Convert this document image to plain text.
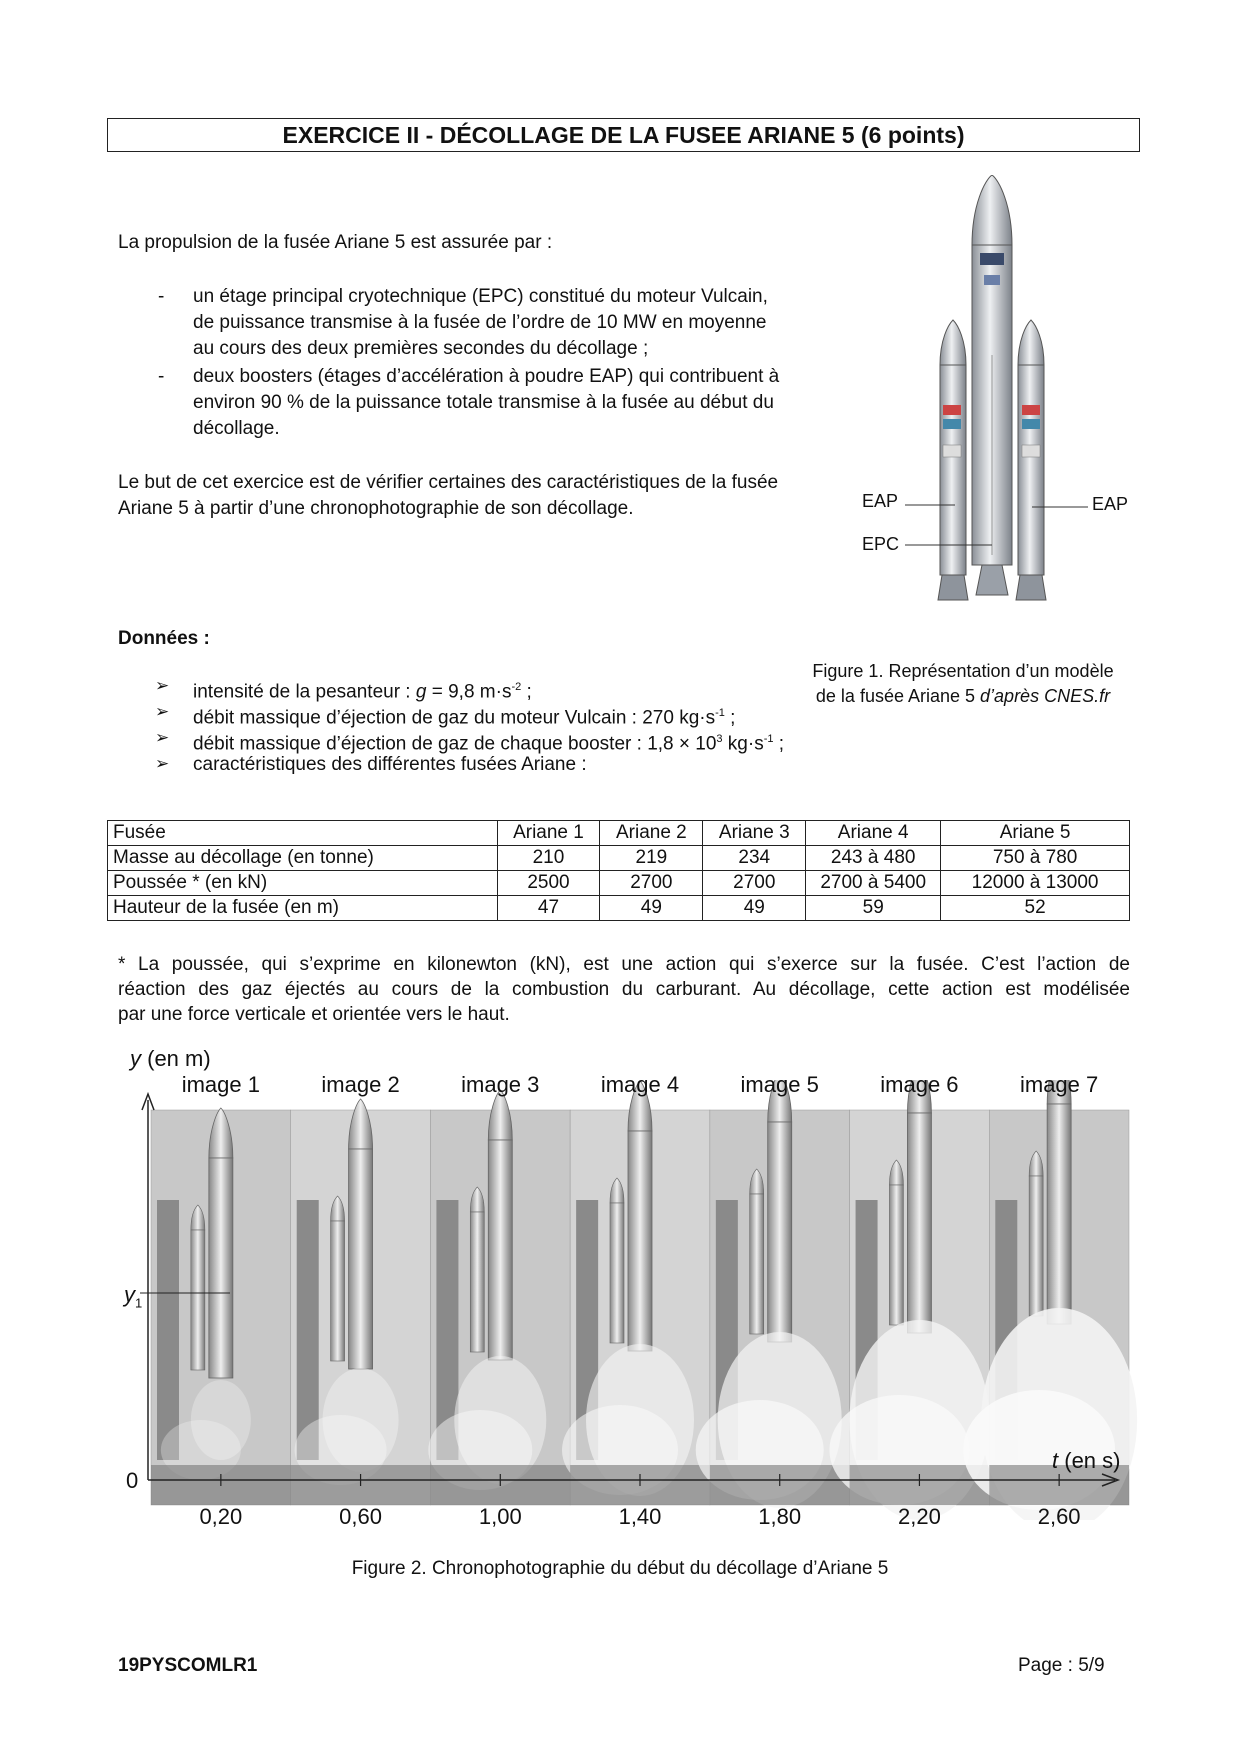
EXERCICE II - DÉCOLLAGE DE LA FUSEE ARIANE 5 (6 points)
La propulsion de la fusée Ariane 5 est assurée par :
-	un étage principal cryotechnique (EPC) constitué du moteur Vulcain,
de puissance transmise à la fusée de l’ordre de 10 MW en moyenne
au cours des deux premières secondes du décollage ;
-	deux boosters (étages d’accélération à poudre EAP) qui contribuent à
environ 90 % de la puissance totale transmise à la fusée au début du
décollage.
Le but de cet exercice est de vérifier certaines des caractéristiques de la fusée
Ariane 5 à partir d’une chronophotographie de son décollage.	EAP	EAP
EPC
Figure 1. Représentation d’un modèle
de la fusée Ariane 5 d’après CNES.fr
Données :
➢ intensité de la pesanteur : g = 9,8 $m\cdot s^{-2}$ ;
➢ débit massique d’éjection de gaz du moteur Vulcain : 270 $kg\cdot s^{-1}$ ;
➢ débit massique d’éjection de gaz de chaque booster : $1,8 \times 10^3$ $kg\cdot s^{-1}$ ;
➢ caractéristiques des différentes fusées Ariane :
Fusée	Ariane 1	Ariane 2	Ariane 3	Ariane 4	Ariane 5
Masse au décollage (en tonne)	210	219	234	243 à 480	750 à 780
Poussée * (en kN)	2500	2700	2700	2700 à 5400	12000 à 13000
Hauteur de la fusée (en m)	47	49	49	59	52
* La poussée, qui s’exprime en kilonewton (kN), est une action qui s’exerce sur la fusée. C’est l’action de
réaction des gaz éjectés au cours de la combustion du carburant. Au décollage, cette action est modélisée
par une force verticale et orientée vers le haut.
y (en m)
$y_1$
0
t (en s)
image 1	image 2	image 3	image 4	image 5	image 6	image 7
0,20	0,60	1,00	1,40	1,80	2,20	2,60
Figure 2. Chronophotographie du début du décollage d’Ariane 5
19PYSCOMLR1	Page : 5/9
